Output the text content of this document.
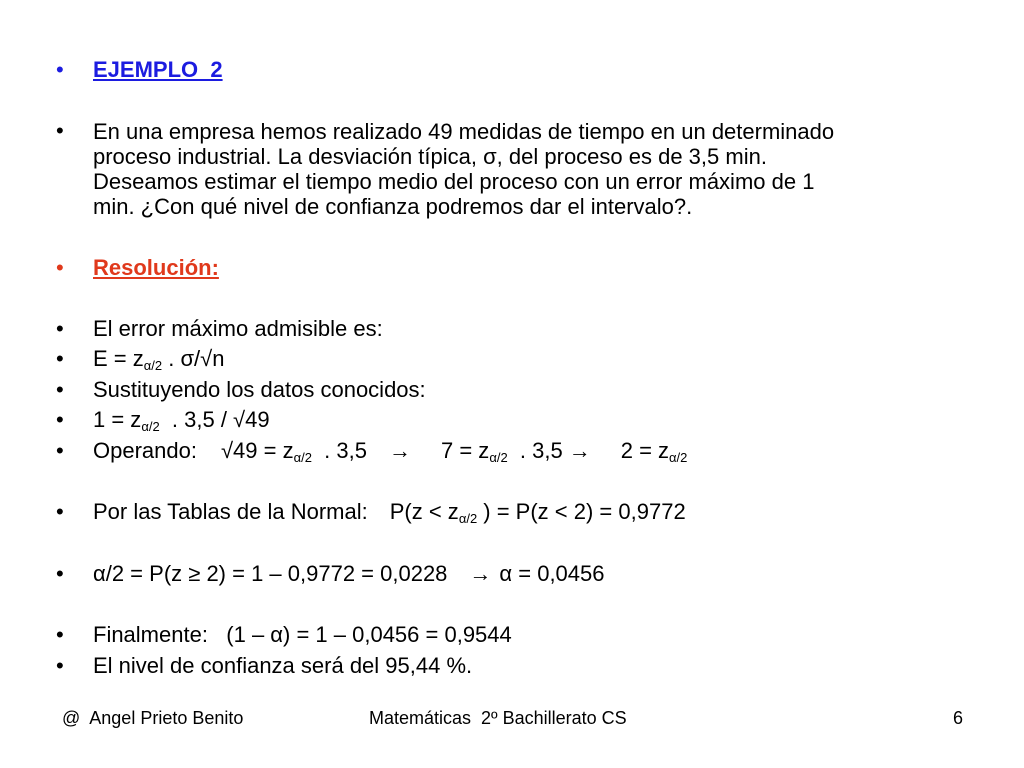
• EJEMPLO  2
• En una empresa hemos realizado 49 medidas de tiempo en un determinado
proceso industrial. La desviación típica, σ, del proceso es de 3,5 min.
Deseamos estimar el tiempo medio del proceso con un error máximo de 1
min. ¿Con qué nivel de confianza podremos dar el intervalo?.
• Resolución:
• El error máximo admisible es:
• $E = z_{\alpha/2}$ . σ/√n
• Sustituyendo los datos conocidos:
• $1 = z_{\alpha/2}$  . 3,5 / √49
• Operando: $√49 = z_{\alpha/2}$  . $3,5 \to 7 = z_{\alpha/2}$  . $3,5 \to 2 = z_{\alpha/2}$
• Por las Tablas de la Normal: $P(z < z_{\alpha/2}$ ) = P(z < 2) = 0,9772
• α/2 = P(z ≥ 2) = 1 – 0,9772 = 0,0228 → α = 0,0456
• Finalmente:   (1 – α) = 1 – 0,0456 = 0,9544
• El nivel de confianza será del 95,44 %.
@  Angel Prieto Benito	Matemáticas  2º Bachillerato CS	6
